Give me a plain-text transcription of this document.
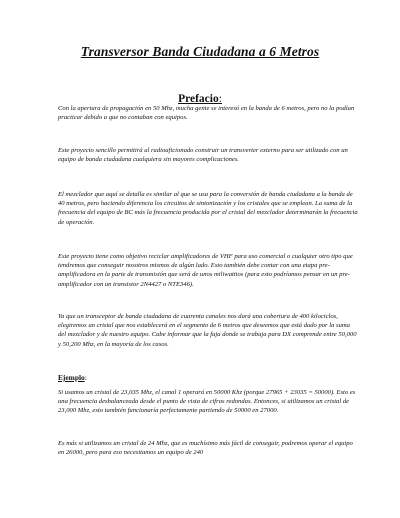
Transversor Banda Ciudadana a 6 Metros
Prefacio:

Con la apertura de propagación en 50 Mhz, mucha gente se interesó en la banda de 6 metros, pero no la podían practicar debido a que no contaban con equipos.

Este proyecto sencillo permitirá al radioaficionado construir un transverter externo para ser utilizado con un equipo de banda ciudadana cualquiera sin mayores complicaciones.

El mezclador que aquí se detalla es similar al que se usa para la conversión de banda ciudadana a la banda de 40 metros, pero haciendo diferencia los circuitos de sintonización y los cristales que se emplean. La suma de la frecuencia del equipo de BC más la frecuencia producida por el cristal del mezclador determinarán la frecuencia de operación.

Este proyecto tiene como objetivo reciclar amplificadores de VHF para uso comercial o cualquier otro tipo que tendremos que conseguir nosotros mismos de algún lado. Esto también debe contar con una etapa pre-amplificadora en la parte de transmisión que será de unos miliwattios (para esto podríamos pensar en un pre-amplificador con un transistor 2N4427 o NTE346).

Ya que un transceptor de banda ciudadana de cuarenta canales nos dará una cobertura de 400 kilociclos, elegiremos un cristal que nos establecerá en el segmento de 6 metros que deseemos que está dado por la suma del mezclador y de nuestro equipo. Cabe informar que la faja donde se trabaja para DX comprende entre 50,000 y 50,200 Mhz, en la mayoría de los casos.

Ejemplo:

Si usamos un cristal de 23,035 Mhz, el canal 1 operará en 50000 Khz (porque 27965 + 23035 = 50000). Esto es una frecuencia desbalanceada desde el punto de vista de cifras redondas. Entonces, si utilizamos un cristal de 23,000 Mhz, esto también funcionaría perfectamente partiendo de 50000 en 27000.

Es más si utilizamos un cristal de 24 Mhz, que es muchísimo más fácil de conseguir, podremos operar el equipo en 26000, pero para eso necesitamos un equipo de 240
